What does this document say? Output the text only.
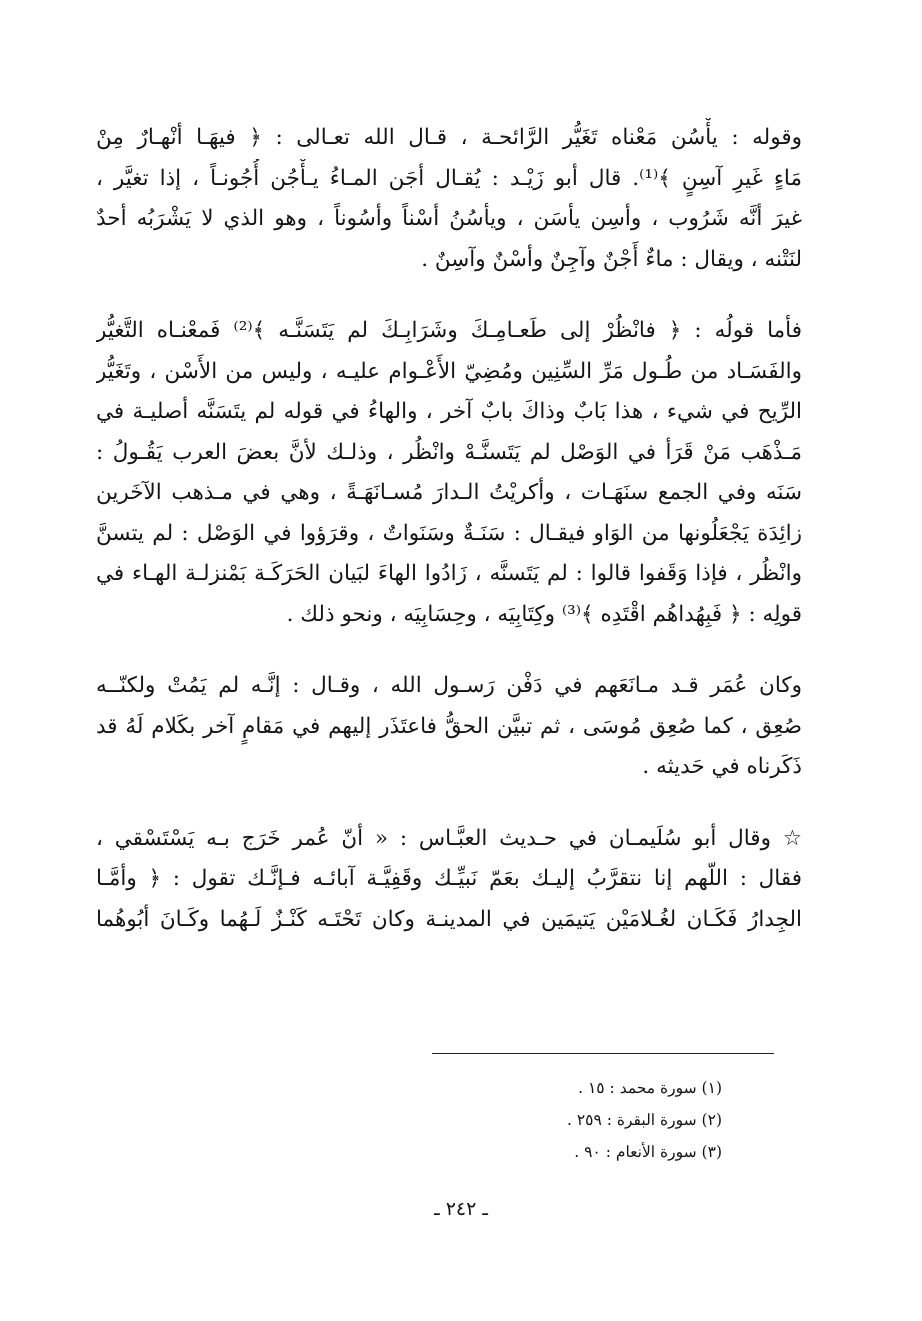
وقوله : يأْسُن مَعْناه تَغَيُّر الرَّائحـة ، قـال الله تعـالى : ﴿ فيهَـا أنْهـارٌ مِنْ
مَاءٍ غَيرِ آسِنٍ ﴾⁽¹⁾. قال أبو زَيْـد : يُقـال أجَن المـاءُ يـأْجُن أُجُونـاً ، إذا تغيَّر ،
غيرَ أنَّه شَرُوب ، وأسِن يأسَن ، ويأسُنُ أسْناً وأسُوناً ، وهو الذي لا يَشْرَبُه أحدٌ
لنَتْنه ، ويقال : ماءٌ أَجْنٌ وآجِنٌ وأسْنٌ وآسِنٌ .
فأما قولُه : ﴿ فانْظُرْ إلى طَعـامِـكَ وشَرَابِـكَ لم يَتَسَنَّـه ﴾⁽²⁾ فَمعْنـاه التَّغيُّر
والفَسَـاد من طُـول مَرِّ السِّنِين ومُضِيّ الأَعْـوام عليـه ، وليس من الأَسْن ، وتَغَيُّر
الرِّيح في شيء ، هذا بَابٌ وذاكَ بابٌ آخر ، والهاءُ في قوله لم يتَسَنَّه أصليـة في
مَـذْهَب مَنْ قَرَأ في الوَصْل لم يَتَسنَّـهْ وانْظُر ، وذلـك لأنَّ بعضَ العرب يَقُـولُ :
سَنَه وفي الجمع سنَهَـات ، وأكريْتُ الـدارَ مُسـانَهَـةً ، وهي في مـذهب الآخَرين
زائِدَة يَجْعَلُونها من الوَاو فيقـال : سَنَـةٌ وسَنَواتٌ ، وقرَؤوا في الوَصْل : لم يتسنَّ
وانْظُر ، فإذا وَقَفوا قالوا : لم يَتَسنَّه ، زَادُوا الهاءَ لبَيان الحَرَكَـة بَمْنزلـة الهـاء في
قولِه : ﴿ فَبِهُداهُم اقْتَدِه ﴾⁽³⁾ وكِتَابِيَه ، وحِسَابِيَه ، ونحو ذلك .
وكان عُمَر قـد مـانَعَهم في دَفْن رَسـول الله ، وقـال : إنَّـه لم يَمُتْ ولكنّــه
صُعِق ، كما صُعِق مُوسَى ، ثم تبيَّن الحقُّ فاعتَذَر إليهم في مَقامٍ آخر بكَلام لَهُ قد
ذَكَرناه في حَديثه .
☆ وقال أبو سُلَيمـان في حـديث العبَّـاس : « أنّ عُمر خَرَج بـه يَسْتَسْقي ،
فقال : اللّهم إنا نتقرَّبُ إليـك بعَمّ نَبيِّـك وقَفِيَّـة آبائـه فـإنَّـك تقول : ﴿ وأمَّـا
الجِدارُ فَكَـان لغُـلامَيْن يَتيمَين في المدينـة وكان تَحْتَـه كَنْـزٌ لَـهُما وكَـانَ أبُوهُما
(١) سورة محمد : ١٥ .
(٢) سورة البقرة : ٢٥٩ .
(٣) سورة الأنعام : ٩٠ .
ـ ٢٤٢ ـ
